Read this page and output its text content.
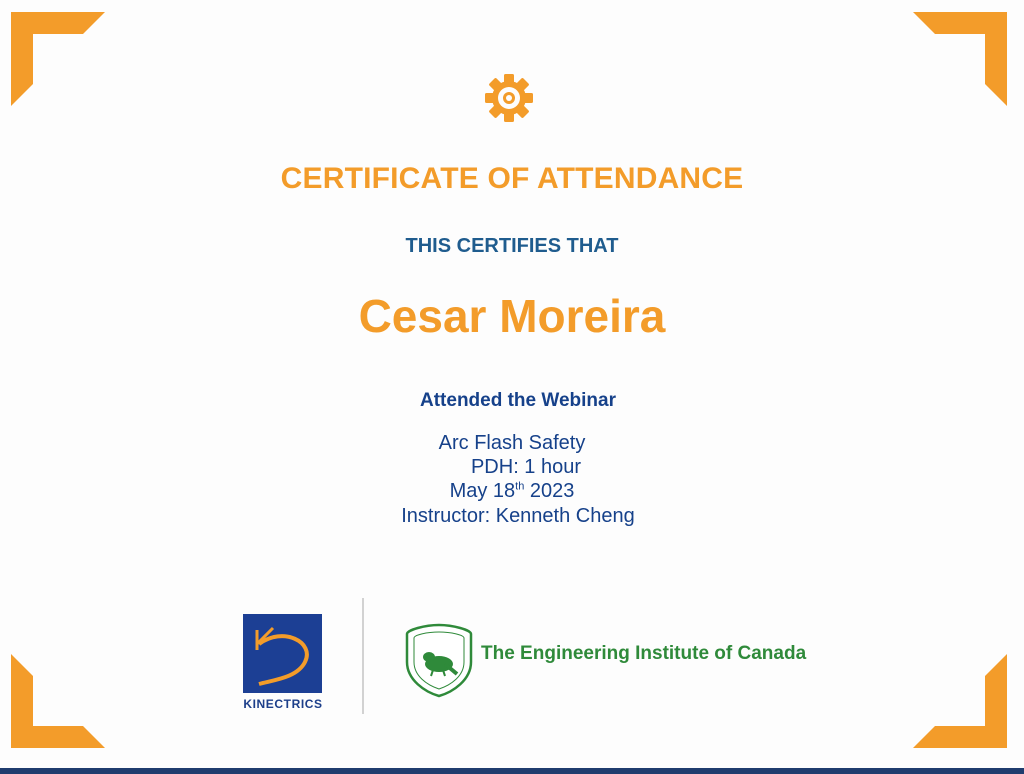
CERTIFICATE OF ATTENDANCE
THIS CERTIFIES THAT
Cesar Moreira
Attended the Webinar
Arc Flash Safety
PDH: 1 hour
May 18th 2023
Instructor: Kenneth Cheng
KINECTRICS
The Engineering Institute of Canada
